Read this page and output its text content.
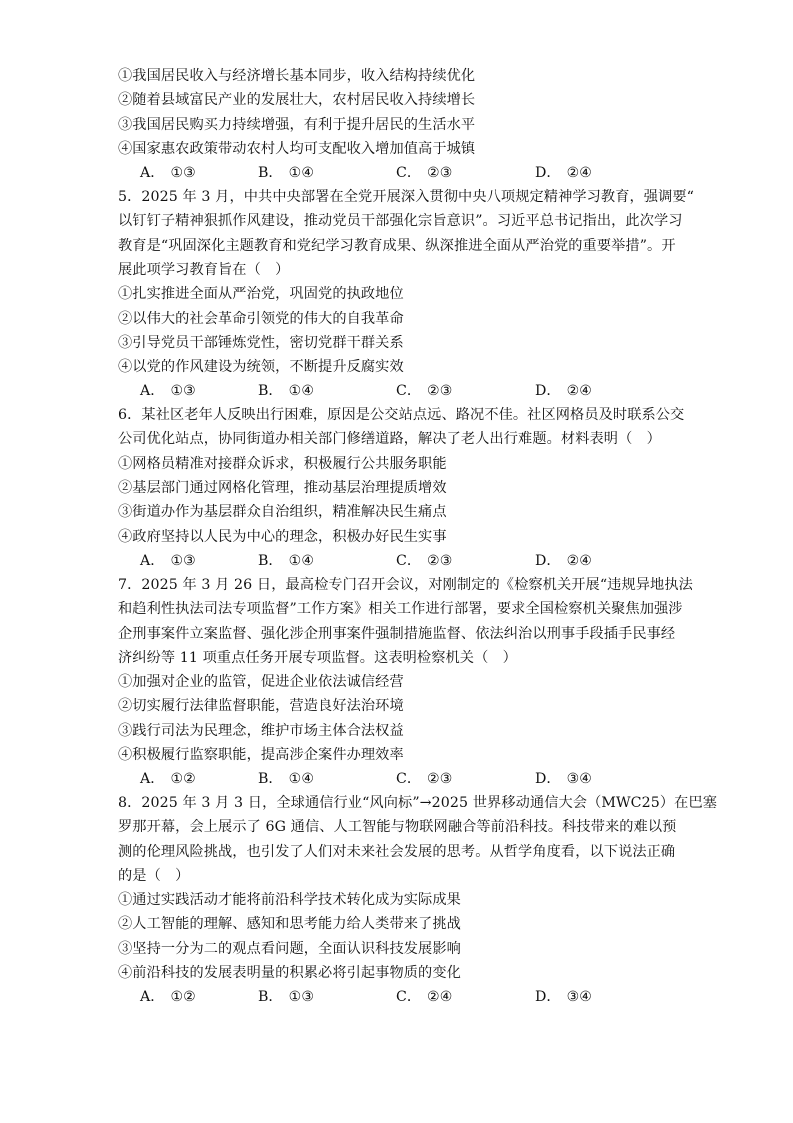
①我国居民收入与经济增长基本同步，收入结构持续优化
②随着县域富民产业的发展壮大，农村居民收入持续增长
③我国居民购买力持续增强，有利于提升居民的生活水平
④国家惠农政策带动农村人均可支配收入增加值高于城镇
A． ①③	B． ①④	C． ②③	D． ②④
5．2025 年 3 月，中共中央部署在全党开展深入贯彻中央八项规定精神学习教育，强调要“
以钉钉子精神狠抓作风建设，推动党员干部强化宗旨意识”。习近平总书记指出，此次学习
教育是“巩固深化主题教育和党纪学习教育成果、纵深推进全面从严治党的重要举措”。开
展此项学习教育旨在（　）
①扎实推进全面从严治党，巩固党的执政地位
②以伟大的社会革命引领党的伟大的自我革命
③引导党员干部锤炼党性，密切党群干群关系
④以党的作风建设为统领，不断提升反腐实效
A． ①③	B． ①④	C． ②③	D． ②④
6．某社区老年人反映出行困难，原因是公交站点远、路况不佳。社区网格员及时联系公交
公司优化站点，协同街道办相关部门修缮道路，解决了老人出行难题。材料表明（　）
①网格员精准对接群众诉求，积极履行公共服务职能
②基层部门通过网格化管理，推动基层治理提质增效
③街道办作为基层群众自治组织，精准解决民生痛点
④政府坚持以人民为中心的理念，积极办好民生实事
A． ①③	B． ①④	C． ②③	D． ②④
7．2025 年 3 月 26 日，最高检专门召开会议，对刚制定的《检察机关开展“违规异地执法
和趋利性执法司法专项监督”工作方案》相关工作进行部署，要求全国检察机关聚焦加强涉
企刑事案件立案监督、强化涉企刑事案件强制措施监督、依法纠治以刑事手段插手民事经
济纠纷等 11 项重点任务开展专项监督。这表明检察机关（　）
①加强对企业的监管，促进企业依法诚信经营
②切实履行法律监督职能，营造良好法治环境
③践行司法为民理念，维护市场主体合法权益
④积极履行监察职能，提高涉企案件办理效率
A． ①②	B． ①④	C． ②③	D． ③④
8．2025 年 3 月 3 日，全球通信行业“风向标”→2025 世界移动通信大会（MWC25）在巴塞
罗那开幕，会上展示了 6G 通信、人工智能与物联网融合等前沿科技。科技带来的难以预
测的伦理风险挑战，也引发了人们对未来社会发展的思考。从哲学角度看，以下说法正确
的是（　）
①通过实践活动才能将前沿科学技术转化成为实际成果
②人工智能的理解、感知和思考能力给人类带来了挑战
③坚持一分为二的观点看问题，全面认识科技发展影响
④前沿科技的发展表明量的积累必将引起事物质的变化
A． ①②	B． ①③	C． ②④	D． ③④
